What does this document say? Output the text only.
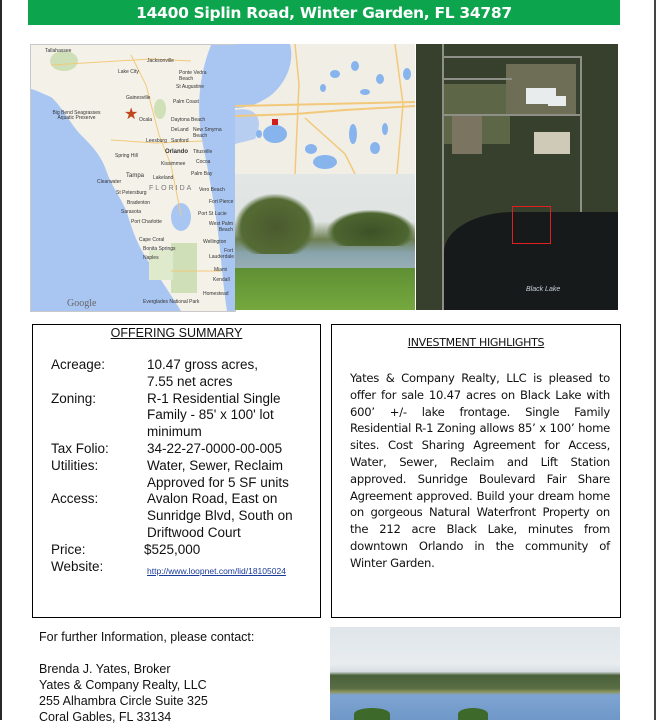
14400 Siplin Road, Winter Garden, FL 34787
Tallahassee
Jacksonville
Lake City	Ponte Vedra Beach
St Augustine
Gainesville
Palm Coast
Big Bend Seagrasses Aquatic Preserve	Ocala	Daytona Beach
DeLand New Smyrna Beach
Leesburg Sanford
Spring Hill
Orlando
Kissimmee
Titusville
Cocoa
Tampa Lakeland
Palm Bay
Clearwater
St Petersburg
FLORIDA Vero Beach
Bradenton	Fort Pierce
Sarasota	Port St Lucie
Port Charlotte	West Palm Beach
Cape Coral	Wellington
Bonita Springs	Fort Lauderdale
Naples
Miami
Kendall
Homestead
Everglades National Park
★
Google
Black Lake
OFFERING SUMMARY
Acreage:	10.47 gross acres,
7.55 net acres
Zoning:	R-1 Residential Single
Family - 85' x 100' lot
minimum
Tax Folio:	34-22-27-0000-00-005
Utilities:	Water, Sewer, Reclaim
Approved for 5 SF units
Access:	Avalon Road, East on
Sunridge Blvd, South on
Driftwood Court
Price:	$525,000
Website:	http://www.loopnet.com/lid/18105024
INVESTMENT HIGHLIGHTS
Yates & Company Realty, LLC is pleased to offer for sale 10.47 acres on Black Lake with 600’ +/- lake frontage. Single Family Residential R-1 Zoning allows 85’ x 100’ home sites. Cost Sharing Agreement for Access, Water, Sewer, Reclaim and Lift Station approved. Sunridge Boulevard Fair Share Agreement approved. Build your dream home on gorgeous Natural Waterfront Property on the 212 acre Black Lake, minutes from downtown Orlando in the community of Winter Garden.
For further Information, please contact:
Brenda J. Yates, Broker
Yates & Company Realty, LLC
255 Alhambra Circle Suite 325
Coral Gables, FL 33134
